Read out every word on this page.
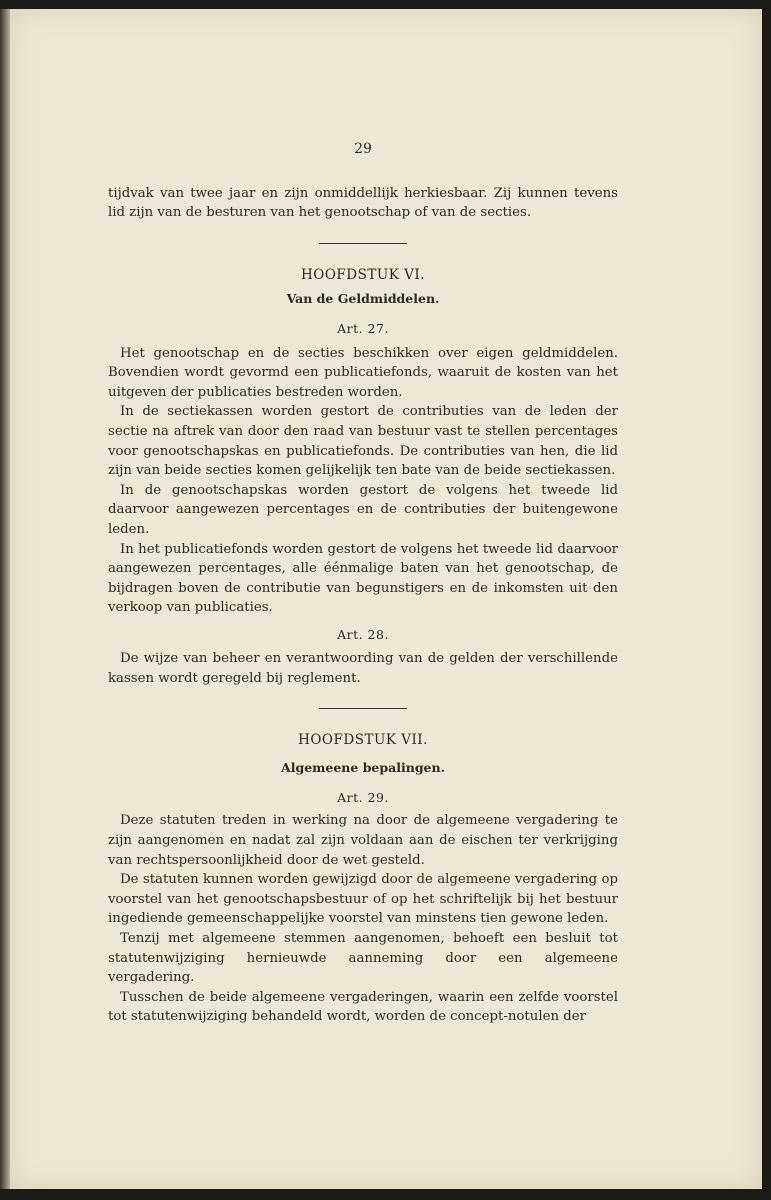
29

tijdvak van twee jaar en zijn onmiddellijk herkiesbaar. Zij kunnen tevens lid zijn van de besturen van het genootschap of van de secties.

HOOFDSTUK VI.
Van de Geldmiddelen.
Art. 27.

Het genootschap en de secties beschikken over eigen geldmiddelen. Bovendien wordt gevormd een publicatiefonds, waaruit de kosten van het uitgeven der publicaties bestreden worden.

In de sectiekassen worden gestort de contributies van de leden der sectie na aftrek van door den raad van bestuur vast te stellen percentages voor genootschapskas en publicatiefonds. De contributies van hen, die lid zijn van beide secties komen gelijkelijk ten bate van de beide sectiekassen.

In de genootschapskas worden gestort de volgens het tweede lid daarvoor aangewezen percentages en de contributies der buitengewone leden.

In het publicatiefonds worden gestort de volgens het tweede lid daarvoor aangewezen percentages, alle éénmalige baten van het genootschap, de bijdragen boven de contributie van begunstigers en de inkomsten uit den verkoop van publicaties.

Art. 28.

De wijze van beheer en verantwoording van de gelden der verschillende kassen wordt geregeld bij reglement.

HOOFDSTUK VII.
Algemeene bepalingen.
Art. 29.

Deze statuten treden in werking na door de algemeene vergadering te zijn aangenomen en nadat zal zijn voldaan aan de eischen ter verkrijging van rechtspersoonlijkheid door de wet gesteld.

De statuten kunnen worden gewijzigd door de algemeene vergadering op voorstel van het genootschapsbestuur of op het schriftelijk bij het bestuur ingediende gemeenschappelijke voorstel van minstens tien gewone leden.

Tenzij met algemeene stemmen aangenomen, behoeft een besluit tot statutenwijziging hernieuwde aanneming door een algemeene vergadering.

Tusschen de beide algemeene vergaderingen, waarin een zelfde voorstel tot statutenwijziging behandeld wordt, worden de concept-notulen der
